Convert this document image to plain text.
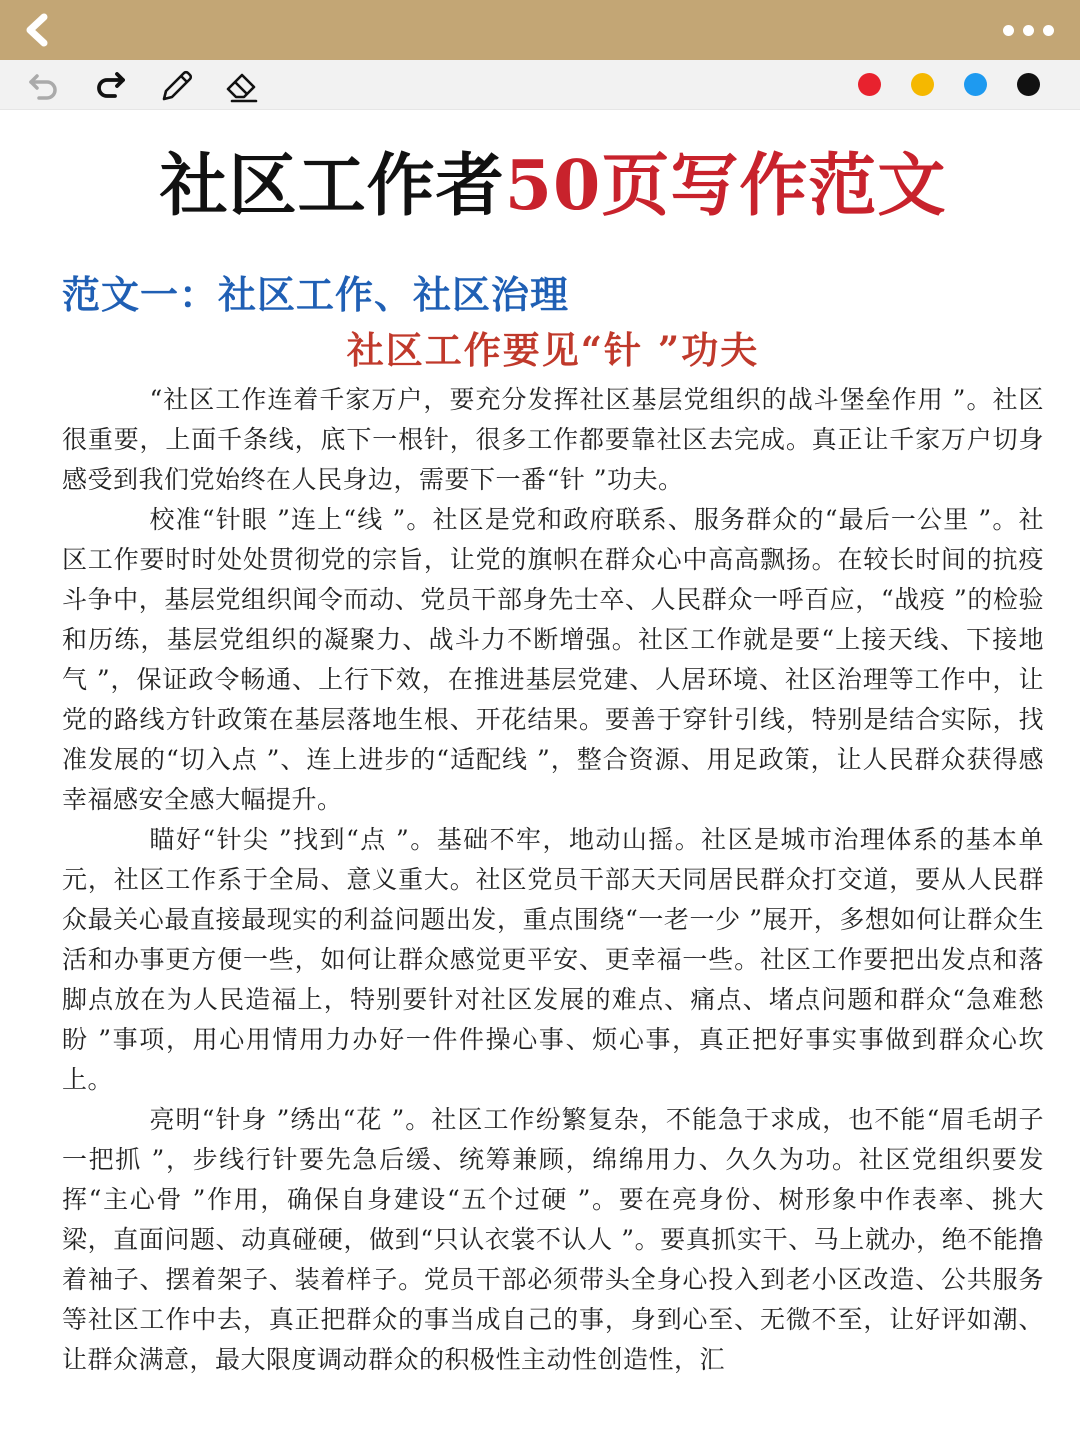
社区工作者50页写作范文
范文一：社区工作、社区治理
社区工作要见“针 ”功夫

“社区工作连着千家万户，要充分发挥社区基层党组织的战斗堡垒作用 ”。社区很重要，上面千条线，底下一根针，很多工作都要靠社区去完成。真正让千家万户切身感受到我们党始终在人民身边，需要下一番“针 ”功夫。

校准“针眼 ”连上“线 ”。社区是党和政府联系、服务群众的“最后一公里 ”。社区工作要时时处处贯彻党的宗旨，让党的旗帜在群众心中高高飘扬。在较长时间的抗疫斗争中，基层党组织闻令而动、党员干部身先士卒、人民群众一呼百应，“战疫 ”的检验和历练，基层党组织的凝聚力、战斗力不断增强。社区工作就是要“上接天线、下接地气 ”，保证政令畅通、上行下效，在推进基层党建、人居环境、社区治理等工作中，让党的路线方针政策在基层落地生根、开花结果。要善于穿针引线，特别是结合实际，找准发展的“切入点 ”、连上进步的“适配线 ”，整合资源、用足政策，让人民群众获得感幸福感安全感大幅提升。

瞄好“针尖 ”找到“点 ”。基础不牢，地动山摇。社区是城市治理体系的基本单元，社区工作系于全局、意义重大。社区党员干部天天同居民群众打交道，要从人民群众最关心最直接最现实的利益问题出发，重点围绕“一老一少 ”展开，多想如何让群众生活和办事更方便一些，如何让群众感觉更平安、更幸福一些。社区工作要把出发点和落脚点放在为人民造福上，特别要针对社区发展的难点、痛点、堵点问题和群众“急难愁盼 ”事项，用心用情用力办好一件件操心事、烦心事，真正把好事实事做到群众心坎上。

亮明“针身 ”绣出“花 ”。社区工作纷繁复杂，不能急于求成，也不能“眉毛胡子一把抓 ”，步线行针要先急后缓、统筹兼顾，绵绵用力、久久为功。社区党组织要发挥“主心骨 ”作用，确保自身建设“五个过硬 ”。要在亮身份、树形象中作表率、挑大梁，直面问题、动真碰硬，做到“只认衣裳不认人 ”。要真抓实干、马上就办，绝不能撸着袖子、摆着架子、装着样子。党员干部必须带头全身心投入到老小区改造、公共服务等社区工作中去，真正把群众的事当成自己的事，身到心至、无微不至，让好评如潮、让群众满意，最大限度调动群众的积极性主动性创造性，汇
